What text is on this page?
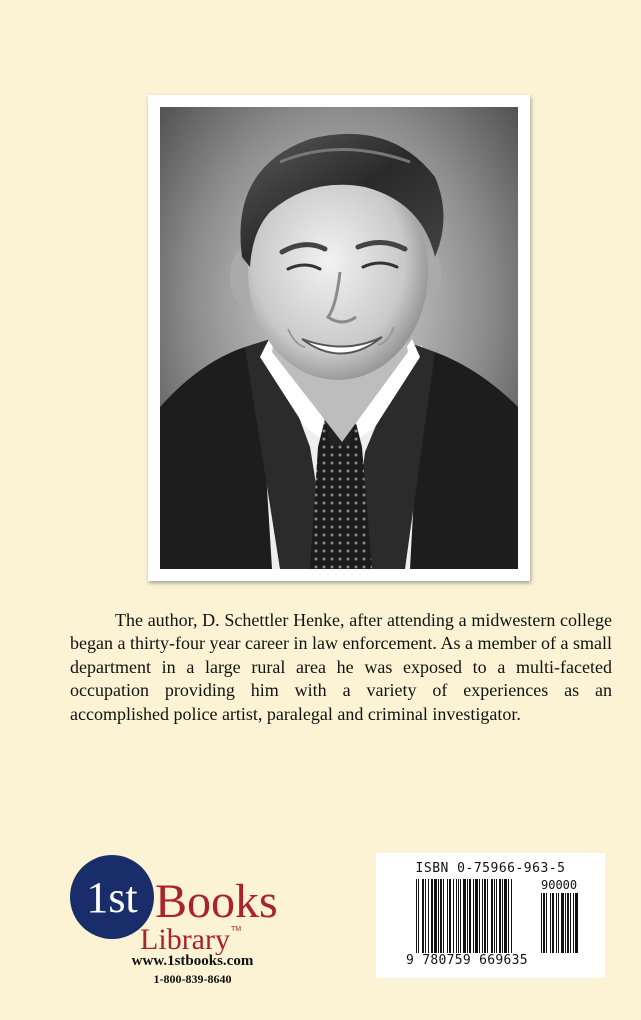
The author, D. Schettler Henke, after attending a midwestern college began a thirty-four year career in law enforcement. As a member of a small department in a large rural area he was exposed to a multi-faceted occupation providing him with a variety of experiences as an accomplished police artist, paralegal and criminal investigator.

1st Books
Library TM
www.1stbooks.com
1-800-839-8640
ISBN 0-75966-963-5
90000
9 780759 669635
